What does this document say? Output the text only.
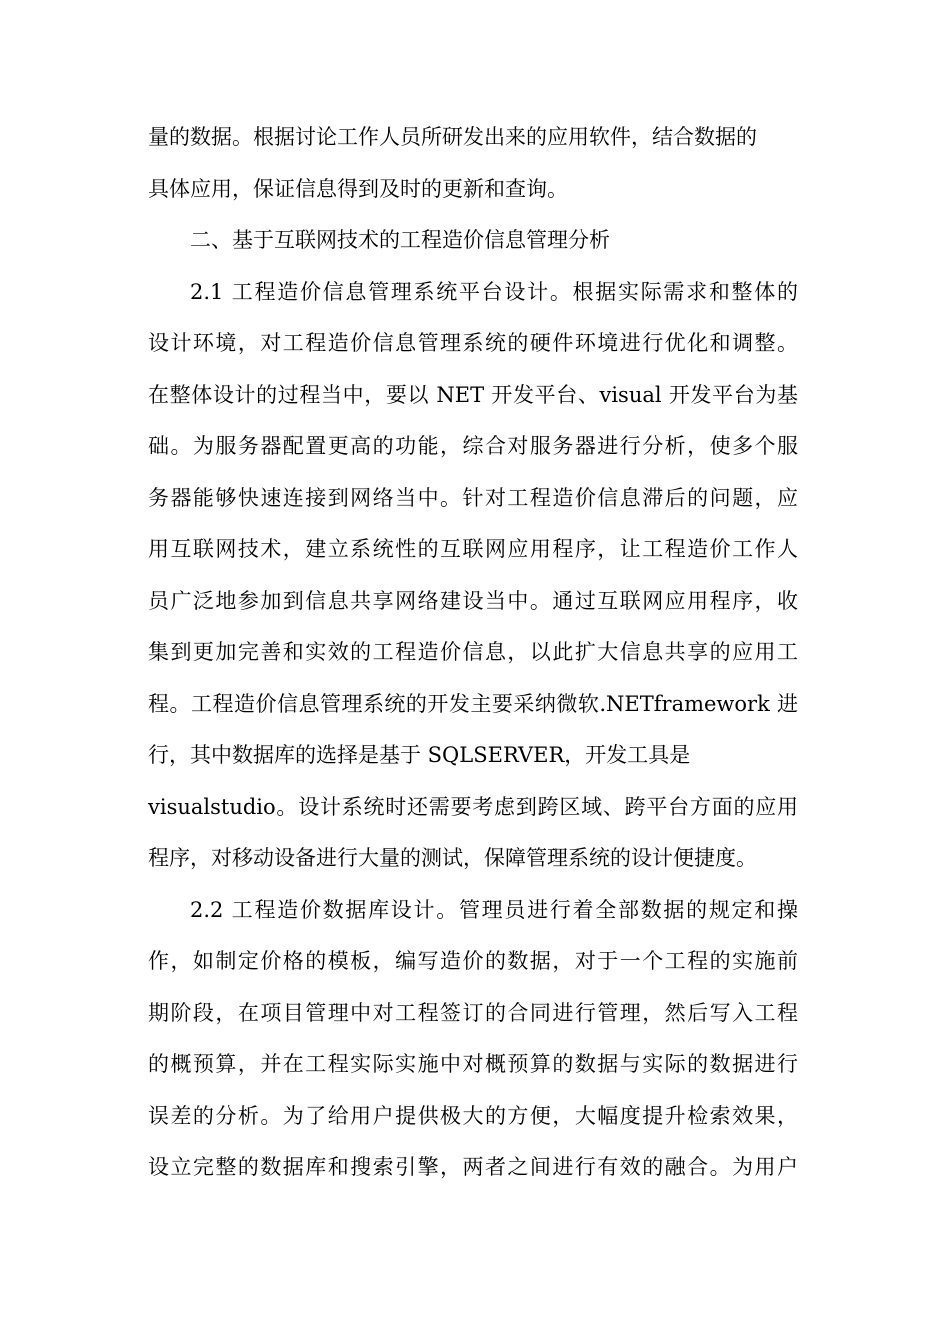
量的数据。根据讨论工作人员所研发出来的应用软件，结合数据的
具体应用，保证信息得到及时的更新和查询。
二、基于互联网技术的工程造价信息管理分析
2.1 工程造价信息管理系统平台设计。根据实际需求和整体的
设计环境，对工程造价信息管理系统的硬件环境进行优化和调整。
在整体设计的过程当中，要以 NET 开发平台、visual 开发平台为基
础。为服务器配置更高的功能，综合对服务器进行分析，使多个服
务器能够快速连接到网络当中。针对工程造价信息滞后的问题，应
用互联网技术，建立系统性的互联网应用程序，让工程造价工作人
员广泛地参加到信息共享网络建设当中。通过互联网应用程序，收
集到更加完善和实效的工程造价信息，以此扩大信息共享的应用工
程。工程造价信息管理系统的开发主要采纳微软.NETframework 进
行，其中数据库的选择是基于 SQLSERVER，开发工具是
visualstudio。设计系统时还需要考虑到跨区域、跨平台方面的应用
程序，对移动设备进行大量的测试，保障管理系统的设计便捷度。
2.2 工程造价数据库设计。管理员进行着全部数据的规定和操
作，如制定价格的模板，编写造价的数据，对于一个工程的实施前
期阶段，在项目管理中对工程签订的合同进行管理，然后写入工程
的概预算，并在工程实际实施中对概预算的数据与实际的数据进行
误差的分析。为了给用户提供极大的方便，大幅度提升检索效果，
设立完整的数据库和搜索引擎，两者之间进行有效的融合。为用户
